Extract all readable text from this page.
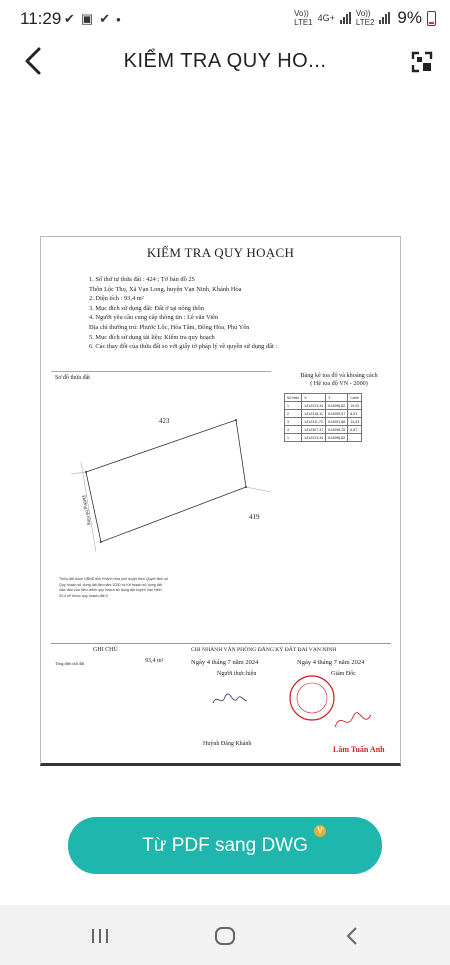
11:29 ✔ ▣ ✔ •	Vo))
LTE1 4G+	Vo))
LTE2 9%
KIỂM TRA QUY HO...
KIỂM TRA QUY HOẠCH
1. Số thứ tự thửa đất : 424 ; Tờ bản đồ 25
Thôn Lộc Thọ, Xã Vạn Long, huyện Vạn Ninh, Khánh Hòa
2. Diện tích : 93,4 m²
3. Mục đích sử dụng đất: Đất ở tại nông thôn
4. Người yêu cầu cung cấp thông tin : Lê văn Viên
Địa chỉ thường trú: Phước Lộc, Hòa Tâm, Đông Hòa, Phú Yên
5. Mục đích sử dụng tài liệu: Kiểm tra quy hoạch
6. Các thay đổi của thửa đất so với giấy tờ pháp lý về quyền sử dụng đất :
Sơ đồ thửa đất
423
419
Đường bê tông
Bảng kê tọa độ và khoảng cách
( Hệ tọa độ VN - 2000)
Số hiệu	X	Y	Cạnh
1	1412313,34	614096,82	19,92
2	1412318,11	614095,57	6,51
3	1412311,70	614091,88	14,33
4	1412307,37	614098,25	6,67
1	1412313,34	614096,82	
Thửa đất được UBND tỉnh Khánh Hòa phê duyệt theo Quyết định số
Quy hoạch sử dụng đất đến năm 2030 và Kế hoạch sử dụng đất
năm đầu của điều chỉnh quy hoạch sử dụng đất huyện Vạn Ninh
93,4 m² thuộc quy hoạch đất ở
GHI CHÚ	CHI NHÁNH VĂN PHÒNG ĐĂNG KÝ ĐẤT ĐAI VẠN NINH
Tổng diện tích đất	93,4 m²	Ngày 4 tháng 7 năm 2024
Người thực hiện
Huỳnh Đăng Khánh
Ngày 4 tháng 7 năm 2024
Giám Đốc
Lâm Tuấn Anh
Từ PDF sang DWG
V
